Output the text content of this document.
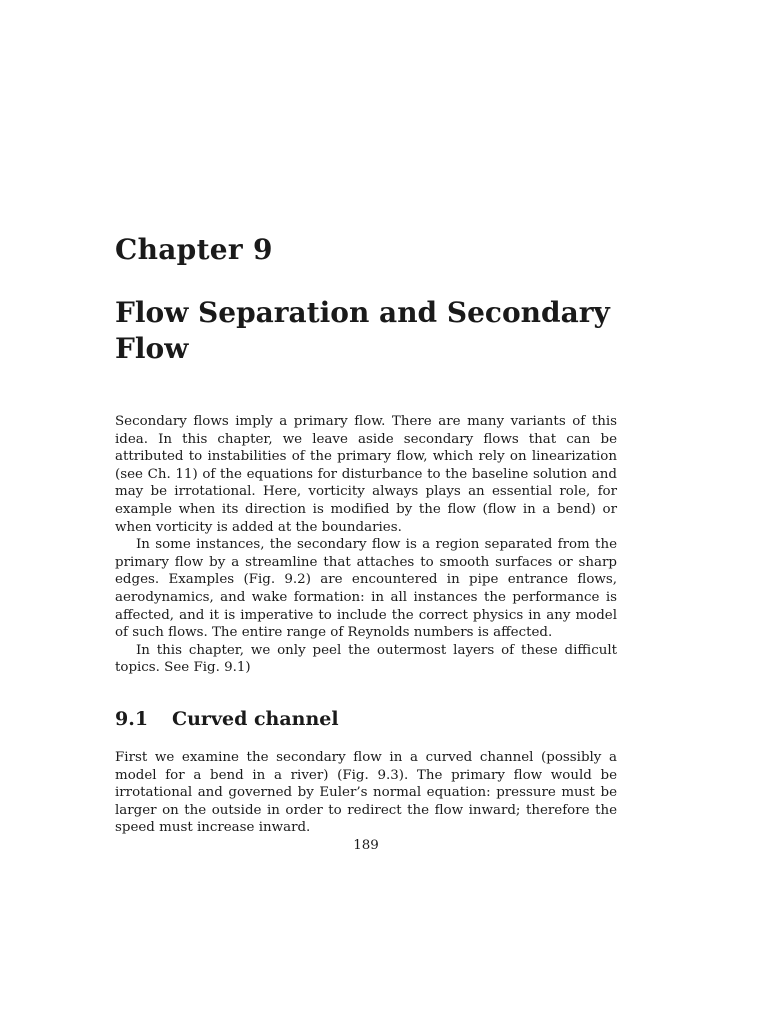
Chapter 9
Flow Separation and Secondary Flow

Secondary flows imply a primary flow. There are many variants of this idea. In this chapter, we leave aside secondary flows that can be attributed to instabilities of the primary flow, which rely on linearization (see Ch. 11) of the equations for disturbance to the baseline solution and may be irrotational. Here, vorticity always plays an essential role, for example when its direction is modified by the flow (flow in a bend) or when vorticity is added at the boundaries.

In some instances, the secondary flow is a region separated from the primary flow by a streamline that attaches to smooth surfaces or sharp edges. Examples (Fig. 9.2) are encountered in pipe entrance flows, aerodynamics, and wake formation: in all instances the performance is affected, and it is imperative to include the correct physics in any model of such flows. The entire range of Reynolds numbers is affected.

In this chapter, we only peel the outermost layers of these difficult topics. See Fig. 9.1)

9.1 Curved channel

First we examine the secondary flow in a curved channel (possibly a model for a bend in a river) (Fig. 9.3). The primary flow would be irrotational and governed by Euler’s normal equation: pressure must be larger on the outside in order to redirect the flow inward; therefore the speed must increase inward.

189
